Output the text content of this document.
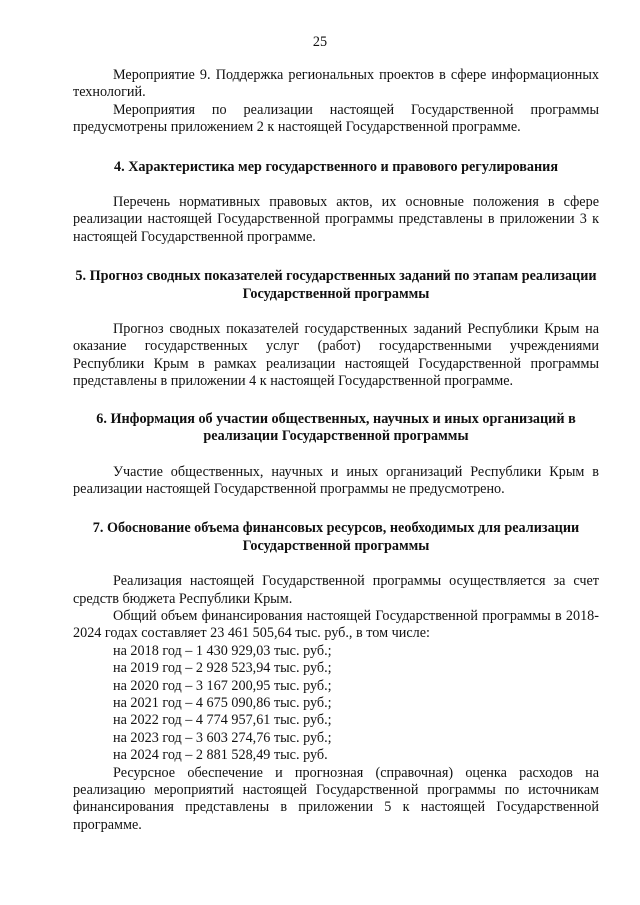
25

Мероприятие 9. Поддержка региональных проектов в сфере информационных технологий.

Мероприятия по реализации настоящей Государственной программы предусмотрены приложением 2 к настоящей Государственной программе.

4. Характеристика мер государственного и правового регулирования

Перечень нормативных правовых актов, их основные положения в сфере реализации настоящей Государственной программы представлены в приложении 3 к настоящей Государственной программе.

5. Прогноз сводных показателей государственных заданий по этапам реализации Государственной программы

Прогноз сводных показателей государственных заданий Республики Крым на оказание государственных услуг (работ) государственными учреждениями Республики Крым в рамках реализации настоящей Государственной программы представлены в приложении 4 к настоящей Государственной программе.

6. Информация об участии общественных, научных и иных организаций в реализации Государственной программы

Участие общественных, научных и иных организаций Республики Крым в реализации настоящей Государственной программы не предусмотрено.

7. Обоснование объема финансовых ресурсов, необходимых для реализации Государственной программы

Реализация настоящей Государственной программы осуществляется за счет средств бюджета Республики Крым.

Общий объем финансирования настоящей Государственной программы в 2018-2024 годах составляет 23 461 505,64 тыс. руб., в том числе:

на 2018 год – 1 430 929,03 тыс. руб.;

на 2019 год – 2 928 523,94 тыс. руб.;

на 2020 год – 3 167 200,95 тыс. руб.;

на 2021 год – 4 675 090,86 тыс. руб.;

на 2022 год – 4 774 957,61 тыс. руб.;

на 2023 год – 3 603 274,76 тыс. руб.;

на 2024 год – 2 881 528,49 тыс. руб.

Ресурсное обеспечение и прогнозная (справочная) оценка расходов на реализацию мероприятий настоящей Государственной программы по источникам финансирования представлены в приложении 5 к настоящей Государственной программе.
